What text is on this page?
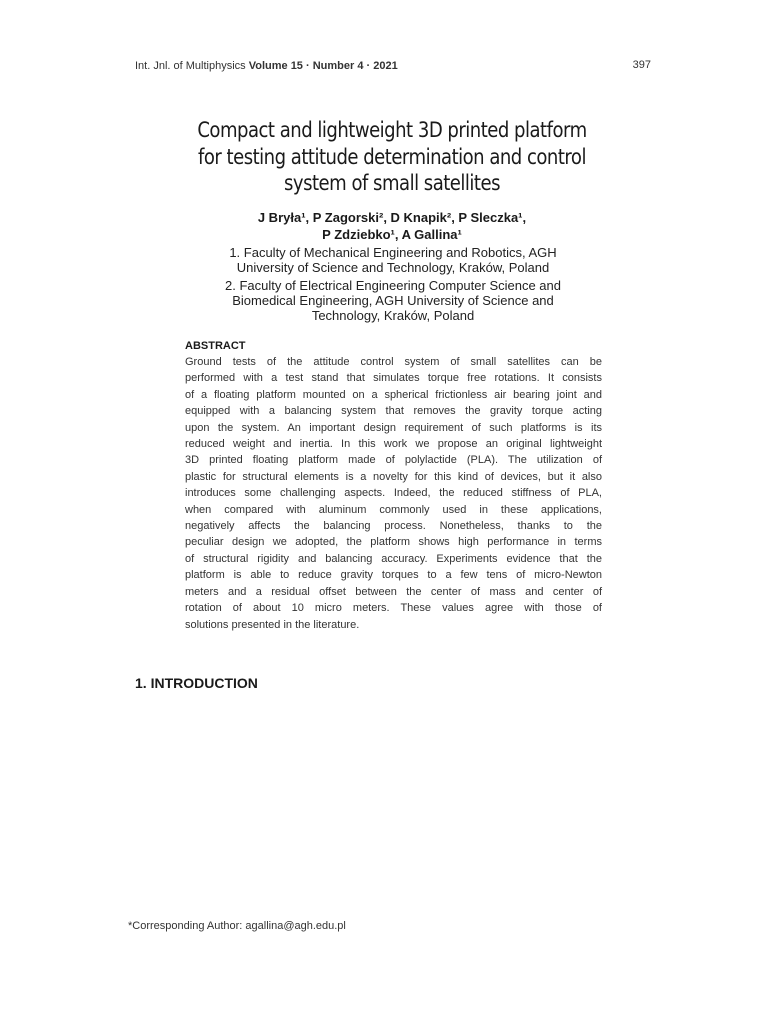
Int. Jnl. of Multiphysics Volume 15 · Number 4 · 2021	397
Compact and lightweight 3D printed platform
for testing attitude determination and control
system of small satellites
J Bryła¹, P Zagorski², D Knapik², P Sleczka¹,
P Zdziebko¹, A Gallina¹
1. Faculty of Mechanical Engineering and Robotics, AGH
University of Science and Technology, Kraków, Poland
2. Faculty of Electrical Engineering Computer Science and
Biomedical Engineering, AGH University of Science and
Technology, Kraków, Poland
ABSTRACT
Ground tests of the attitude control system of small satellites can be
performed with a test stand that simulates torque free rotations. It consists
of a floating platform mounted on a spherical frictionless air bearing joint and
equipped with a balancing system that removes the gravity torque acting
upon the system. An important design requirement of such platforms is its
reduced weight and inertia. In this work we propose an original lightweight
3D printed floating platform made of polylactide (PLA). The utilization of
plastic for structural elements is a novelty for this kind of devices, but it also
introduces some challenging aspects. Indeed, the reduced stiffness of PLA,
when compared with aluminum commonly used in these applications,
negatively affects the balancing process. Nonetheless, thanks to the
peculiar design we adopted, the platform shows high performance in terms
of structural rigidity and balancing accuracy. Experiments evidence that the
platform is able to reduce gravity torques to a few tens of micro-Newton
meters and a residual offset between the center of mass and center of
rotation of about 10 micro meters. These values agree with those of
solutions presented in the literature.
1. INTRODUCTION
*Corresponding Author: agallina@agh.edu.pl
